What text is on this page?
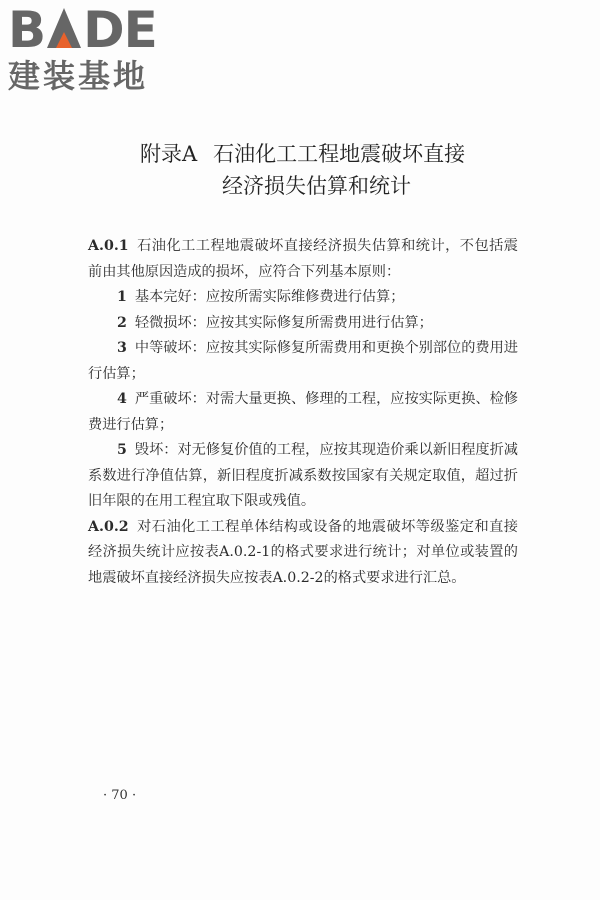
B DE
建装基地
附录A 石油化工工程地震破坏直接
经济损失估算和统计

A.0.1 石油化工工程地震破坏直接经济损失估算和统计，不包括震前由其他原因造成的损坏，应符合下列基本原则：

1 基本完好：应按所需实际维修费进行估算；

2 轻微损坏：应按其实际修复所需费用进行估算；

3 中等破坏：应按其实际修复所需费用和更换个别部位的费用进行估算；

4 严重破坏：对需大量更换、修理的工程，应按实际更换、检修费进行估算；

5 毁坏：对无修复价值的工程，应按其现造价乘以新旧程度折减系数进行净值估算，新旧程度折减系数按国家有关规定取值，超过折旧年限的在用工程宜取下限或残值。

A.0.2 对石油化工工程单体结构或设备的地震破坏等级鉴定和直接经济损失统计应按表A.0.2-1的格式要求进行统计；对单位或装置的地震破坏直接经济损失应按表A.0.2-2的格式要求进行汇总。

· 70 ·
